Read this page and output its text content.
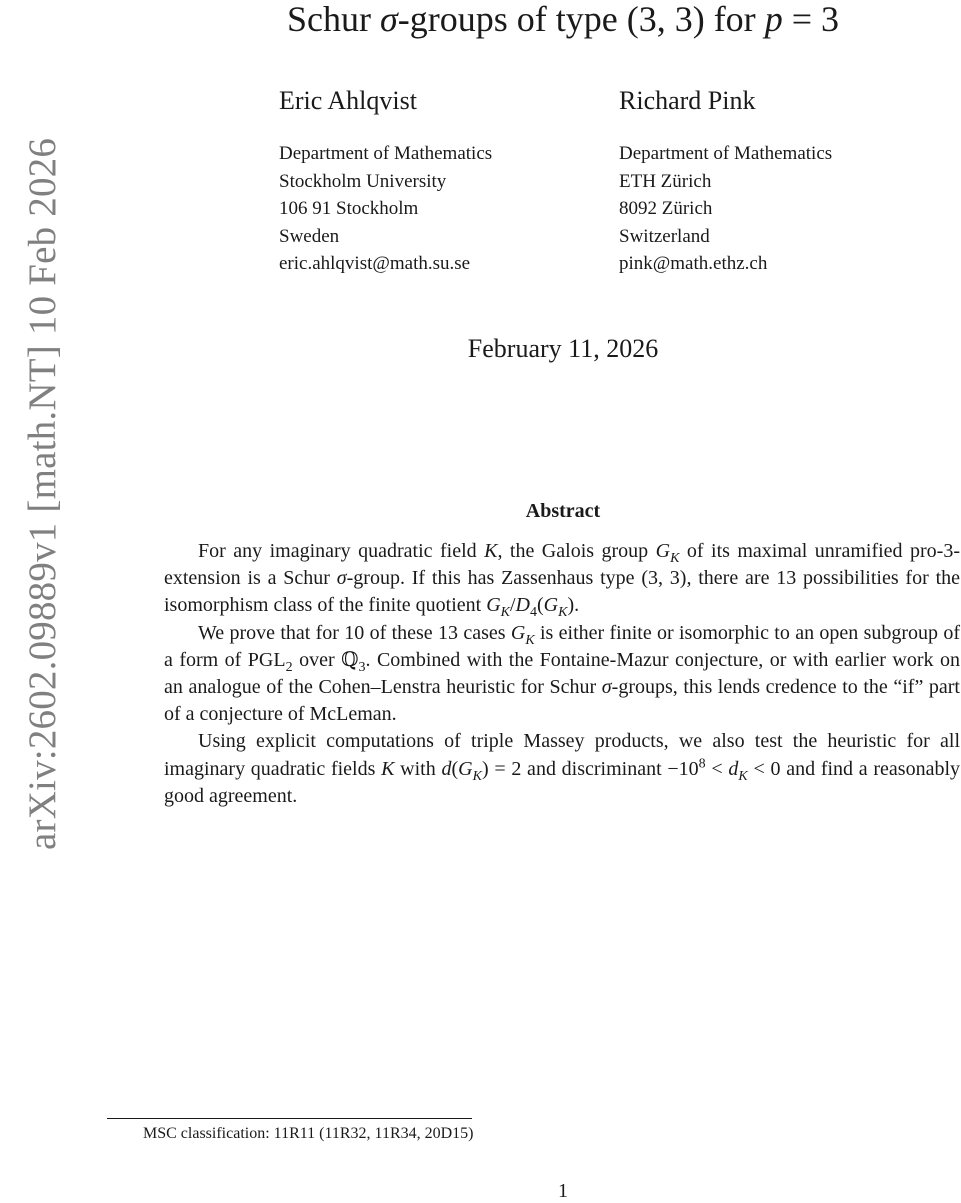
arXiv:2602.09889v1 [math.NT] 10 Feb 2026
Schur σ-groups of type (3, 3) for p = 3
Eric Ahlqvist
Department of Mathematics
Stockholm University
106 91 Stockholm
Sweden
eric.ahlqvist@math.su.se
Richard Pink
Department of Mathematics
ETH Zürich
8092 Zürich
Switzerland
pink@math.ethz.ch
February 11, 2026
Abstract

For any imaginary quadratic field K, the Galois group $G_K$ of its maximal unramified pro-3-extension is a Schur σ-group. If this has Zassenhaus type (3, 3), there are 13 possibilities for the isomorphism class of the finite quotient $G_K/D_4(G_K)$.

We prove that for 10 of these 13 cases $G_K$ is either finite or isomorphic to an open subgroup of a form of $PGL_2$ over ℚ$_3$. Combined with the Fontaine-Mazur conjecture, or with earlier work on an analogue of the Cohen–Lenstra heuristic for Schur σ-groups, this lends credence to the “if” part of a conjecture of McLeman.

Using explicit computations of triple Massey products, we also test the heuristic for all imaginary quadratic fields K with $d(G_K) = 2$ and discriminant $-10^8 < d_K < 0$ and find a reasonably good agreement.

MSC classification: 11R11 (11R32, 11R34, 20D15)
1
